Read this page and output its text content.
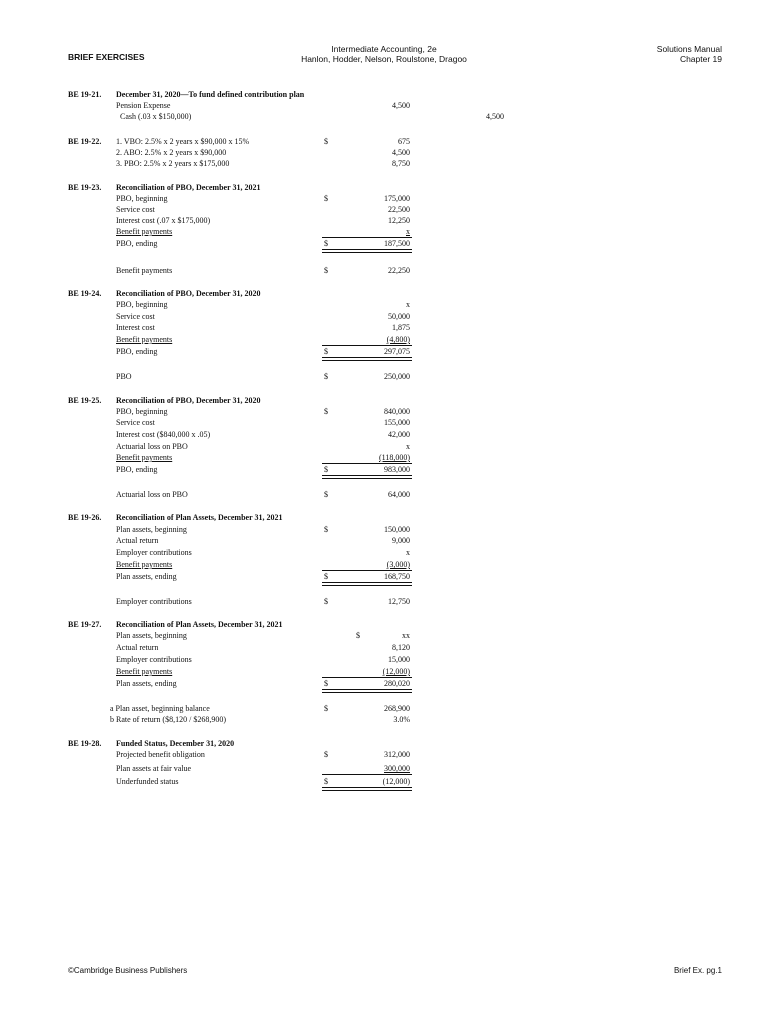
BRIEF EXERCISES
Intermediate Accounting, 2e
Hanlon, Hodder, Nelson, Roulstone, Dragoo
Solutions Manual
Chapter 19
BE 19-21. December 31, 2020—To fund defined contribution plan
Pension Expense	4,500
Cash (.03 x $150,000)	4,500
BE 19-22. 1. VBO: 2.5% x 2 years x $90,000 x 15%	$	675
2. ABO: 2.5% x 2 years x $90,000	4,500
3. PBO: 2.5% x 2 years x $175,000	8,750
BE 19-23. Reconciliation of PBO, December 31, 2021
PBO, beginning	$	175,000
Service cost	22,500
Interest cost (.07 x $175,000)	12,250
Benefit payments	x
PBO, ending	$	187,500
Benefit payments	$	22,250
BE 19-24. Reconciliation of PBO, December 31, 2020
PBO, beginning	x
Service cost	50,000
Interest cost	1,875
Benefit payments	(4,800)
PBO, ending	$	297,075
PBO	$	250,000
BE 19-25. Reconciliation of PBO, December 31, 2020
PBO, beginning	$	840,000
Service cost	155,000
Interest cost ($840,000 x .05)	42,000
Actuarial loss on PBO	x
Benefit payments	(118,000)
PBO, ending	$	983,000
Actuarial loss on PBO	$	64,000
BE 19-26. Reconciliation of Plan Assets, December 31, 2021
Plan assets, beginning	$	150,000
Actual return	9,000
Employer contributions	x
Benefit payments	(3,000)
Plan assets, ending	$	168,750
Employer contributions	$	12,750
BE 19-27. Reconciliation of Plan Assets, December 31, 2021
Plan assets, beginning	$	xx
Actual return	8,120
Employer contributions	15,000
Benefit payments	(12,000)
Plan assets, ending	$	280,020
a Plan asset, beginning balance	$	268,900
b Rate of return ($8,120 / $268,900)	3.0%
BE 19-28. Funded Status, December 31, 2020
Projected benefit obligation	$	312,000
Plan assets at fair value	300,000
Underfunded status	$	(12,000)
©Cambridge Business Publishers	Brief Ex. pg.1
